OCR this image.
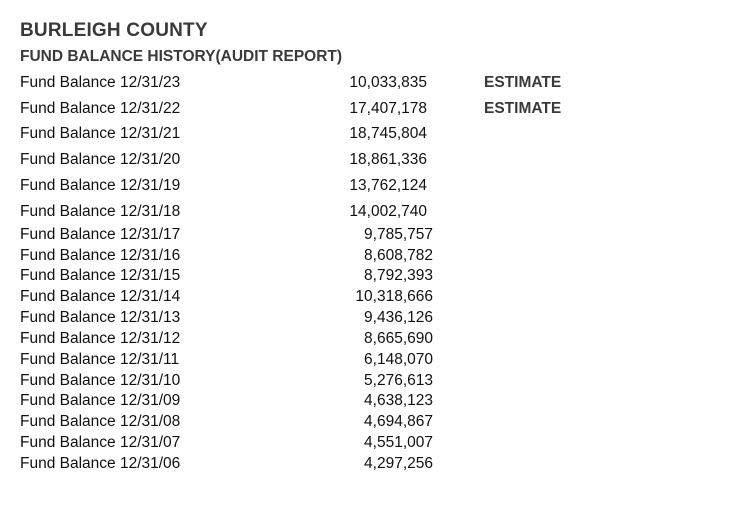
BURLEIGH COUNTY
FUND BALANCE HISTORY(AUDIT REPORT)
Fund Balance 12/31/23	10,033,835	ESTIMATE
Fund Balance 12/31/22	17,407,178	ESTIMATE
Fund Balance 12/31/21	18,745,804
Fund Balance 12/31/20	18,861,336
Fund Balance 12/31/19	13,762,124
Fund Balance 12/31/18	14,002,740
Fund Balance 12/31/17	9,785,757
Fund Balance 12/31/16	8,608,782
Fund Balance 12/31/15	8,792,393
Fund Balance 12/31/14	10,318,666
Fund Balance 12/31/13	9,436,126
Fund Balance 12/31/12	8,665,690
Fund Balance 12/31/11	6,148,070
Fund Balance 12/31/10	5,276,613
Fund Balance 12/31/09	4,638,123
Fund Balance 12/31/08	4,694,867
Fund Balance 12/31/07	4,551,007
Fund Balance 12/31/06	4,297,256
